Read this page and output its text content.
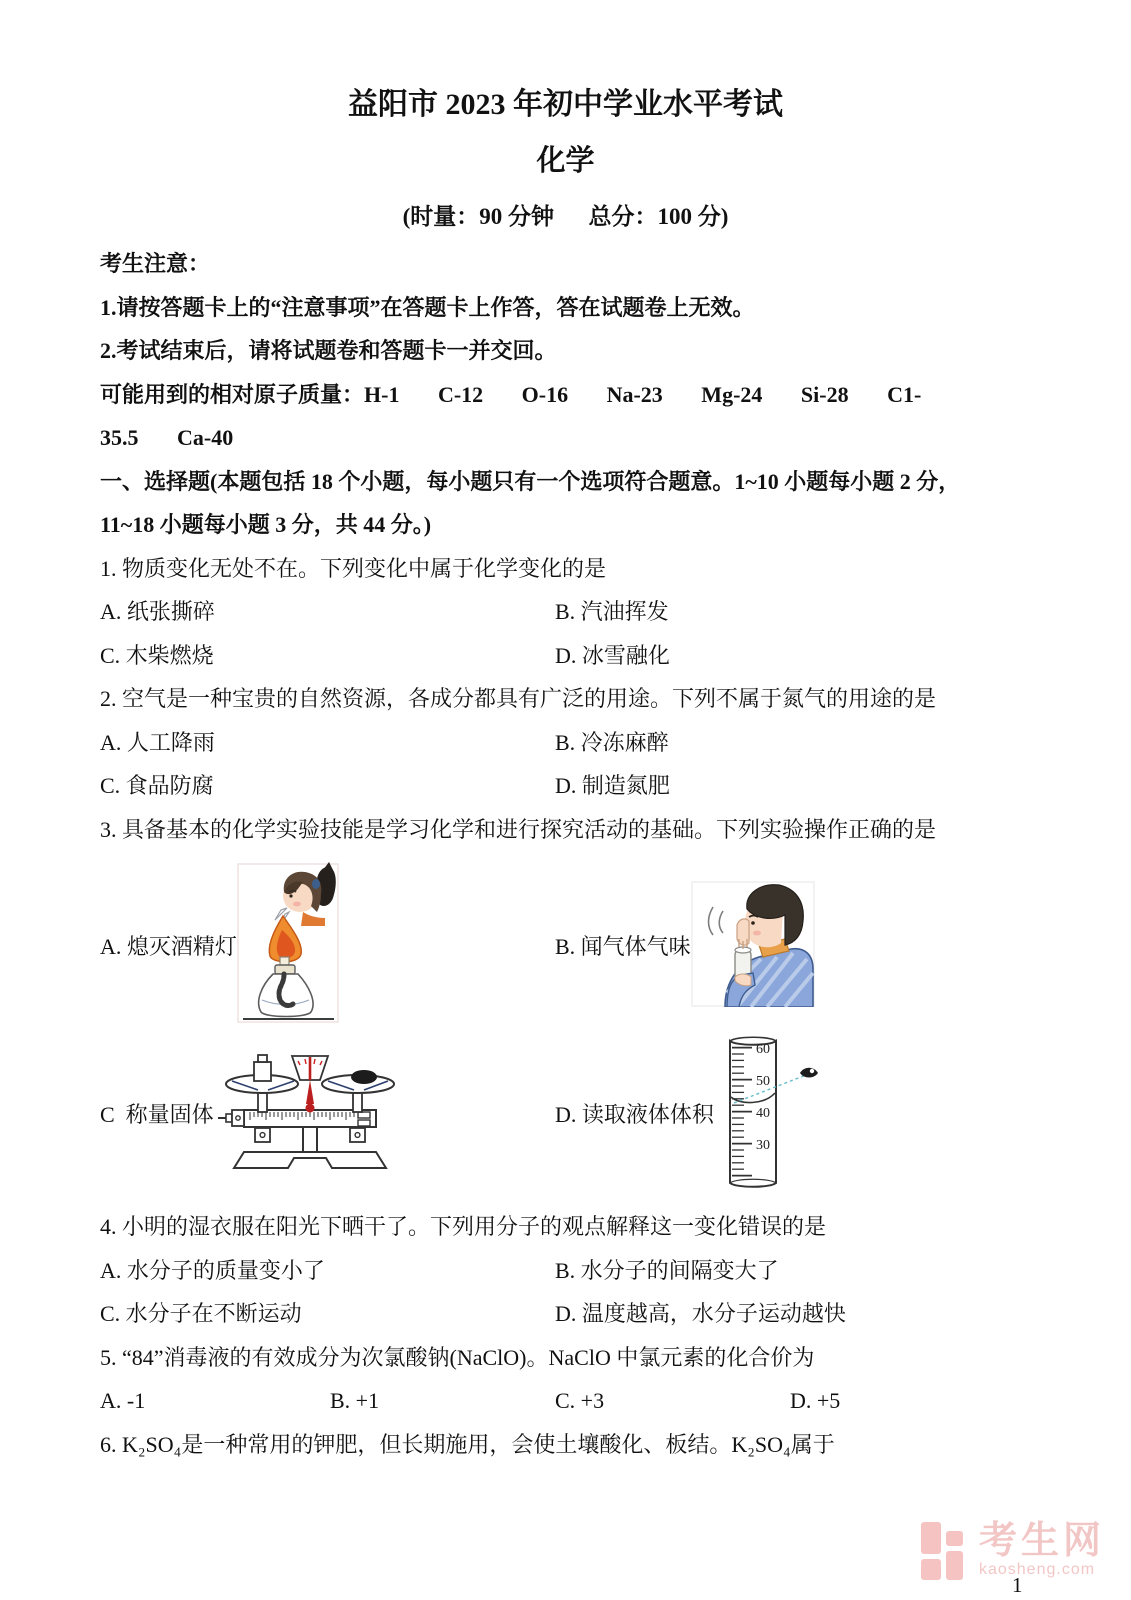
益阳市 2023 年初中学业水平考试
化学
(时量：90 分钟      总分：100 分)

考生注意：

1.请按答题卡上的“注意事项”在答题卡上作答，答在试题卷上无效。

2.考试结束后，请将试题卷和答题卡一并交回。

可能用到的相对原子质量：H-1       C-12       O-16       Na-23       Mg-24       Si-28       C1-

35.5       Ca-40

一、选择题(本题包括 18 个小题，每小题只有一个选项符合题意。1~10 小题每小题 2 分，

11~18 小题每小题 3 分，共 44 分。)

1. 物质变化无处不在。下列变化中属于化学变化的是

A. 纸张撕碎	B. 汽油挥发

C. 木柴燃烧	D. 冰雪融化

2. 空气是一种宝贵的自然资源，各成分都具有广泛的用途。下列不属于氮气的用途的是

A. 人工降雨	B. 冷冻麻醉

C. 食品防腐	D. 制造氮肥

3. 具备基本的化学实验技能是学习化学和进行探究活动的基础。下列实验操作正确的是

A. 熄灭酒精灯	B. 闻气体气味
C  称量固体	D. 读取液体体积
60
50
40
30

4. 小明的湿衣服在阳光下晒干了。下列用分子的观点解释这一变化错误的是

A. 水分子的质量变小了	B. 水分子的间隔变大了

C. 水分子在不断运动	D. 温度越高，水分子运动越快

5. “84”消毒液的有效成分为次氯酸钠(NaClO)。NaClO 中氯元素的化合价为

A. -1	B. +1	C. +3	D. +5

6. K₂SO₄是一种常用的钾肥，但长期施用，会使土壤酸化、板结。K₂SO₄属于

考生网
kaosheng.com
1
